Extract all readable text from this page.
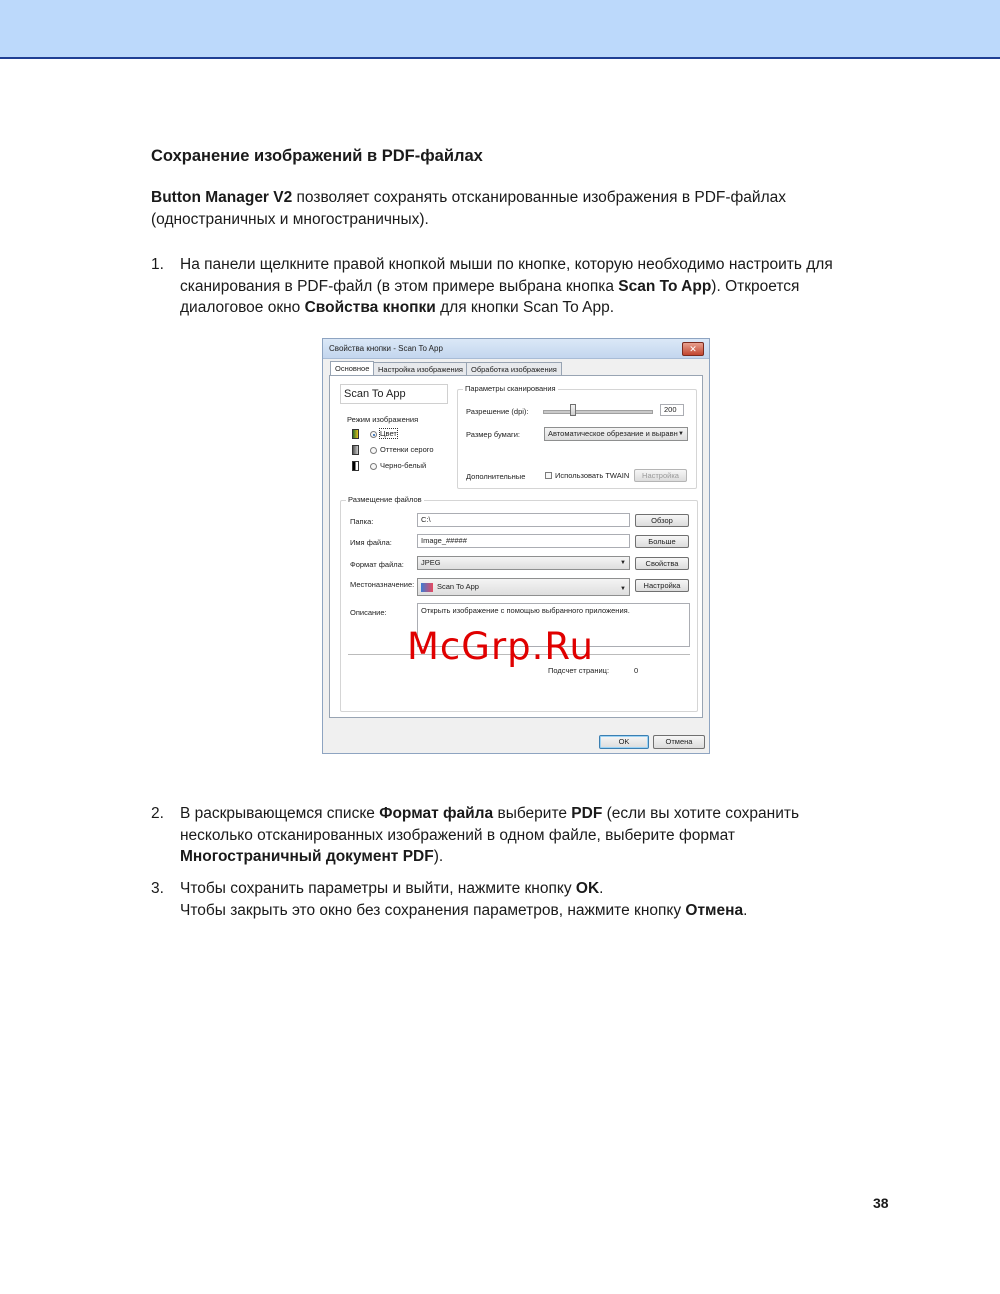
Сохранение изображений в PDF-файлах

Button Manager V2 позволяет сохранять отсканированные изображения в PDF-файлах
(одностраничных и многостраничных).

1. На панели щелкните правой кнопкой мыши по кнопке, которую необходимо настроить для
сканирования в PDF-файл (в этом примере выбрана кнопка Scan To App). Откроется
диалоговое окно Свойства кнопки для кнопки Scan To App.

Свойства кнопки - Scan To App	✕
Основное	Настройка изображения	Обработка изображения
Scan To App
Режим изображения
Цвет
Оттенки серого
Черно-белый
Параметры сканирования
Разрешение (dpi):	200
Размер бумаги:	Автоматическое обрезание и выравн ▼
Дополнительные	Использовать TWAIN	Настройка
Размещение файлов
Папка:	C:\	Обзор
Имя файла:	Image_#####	Больше
Формат файла:	JPEG	▼	Свойства
Местоназначение:	Scan To App	▼	Настройка
Описание:	Открыть изображение с помощью выбранного приложения.
Подсчет страниц:	0
OK	Отмена
McGrp.Ru
2. В раскрывающемся списке Формат файла выберите PDF (если вы хотите сохранить
несколько отсканированных изображений в одном файле, выберите формат
Многостраничный документ PDF).

3. Чтобы сохранить параметры и выйти, нажмите кнопку OK.
Чтобы закрыть это окно без сохранения параметров, нажмите кнопку Отмена.

38
